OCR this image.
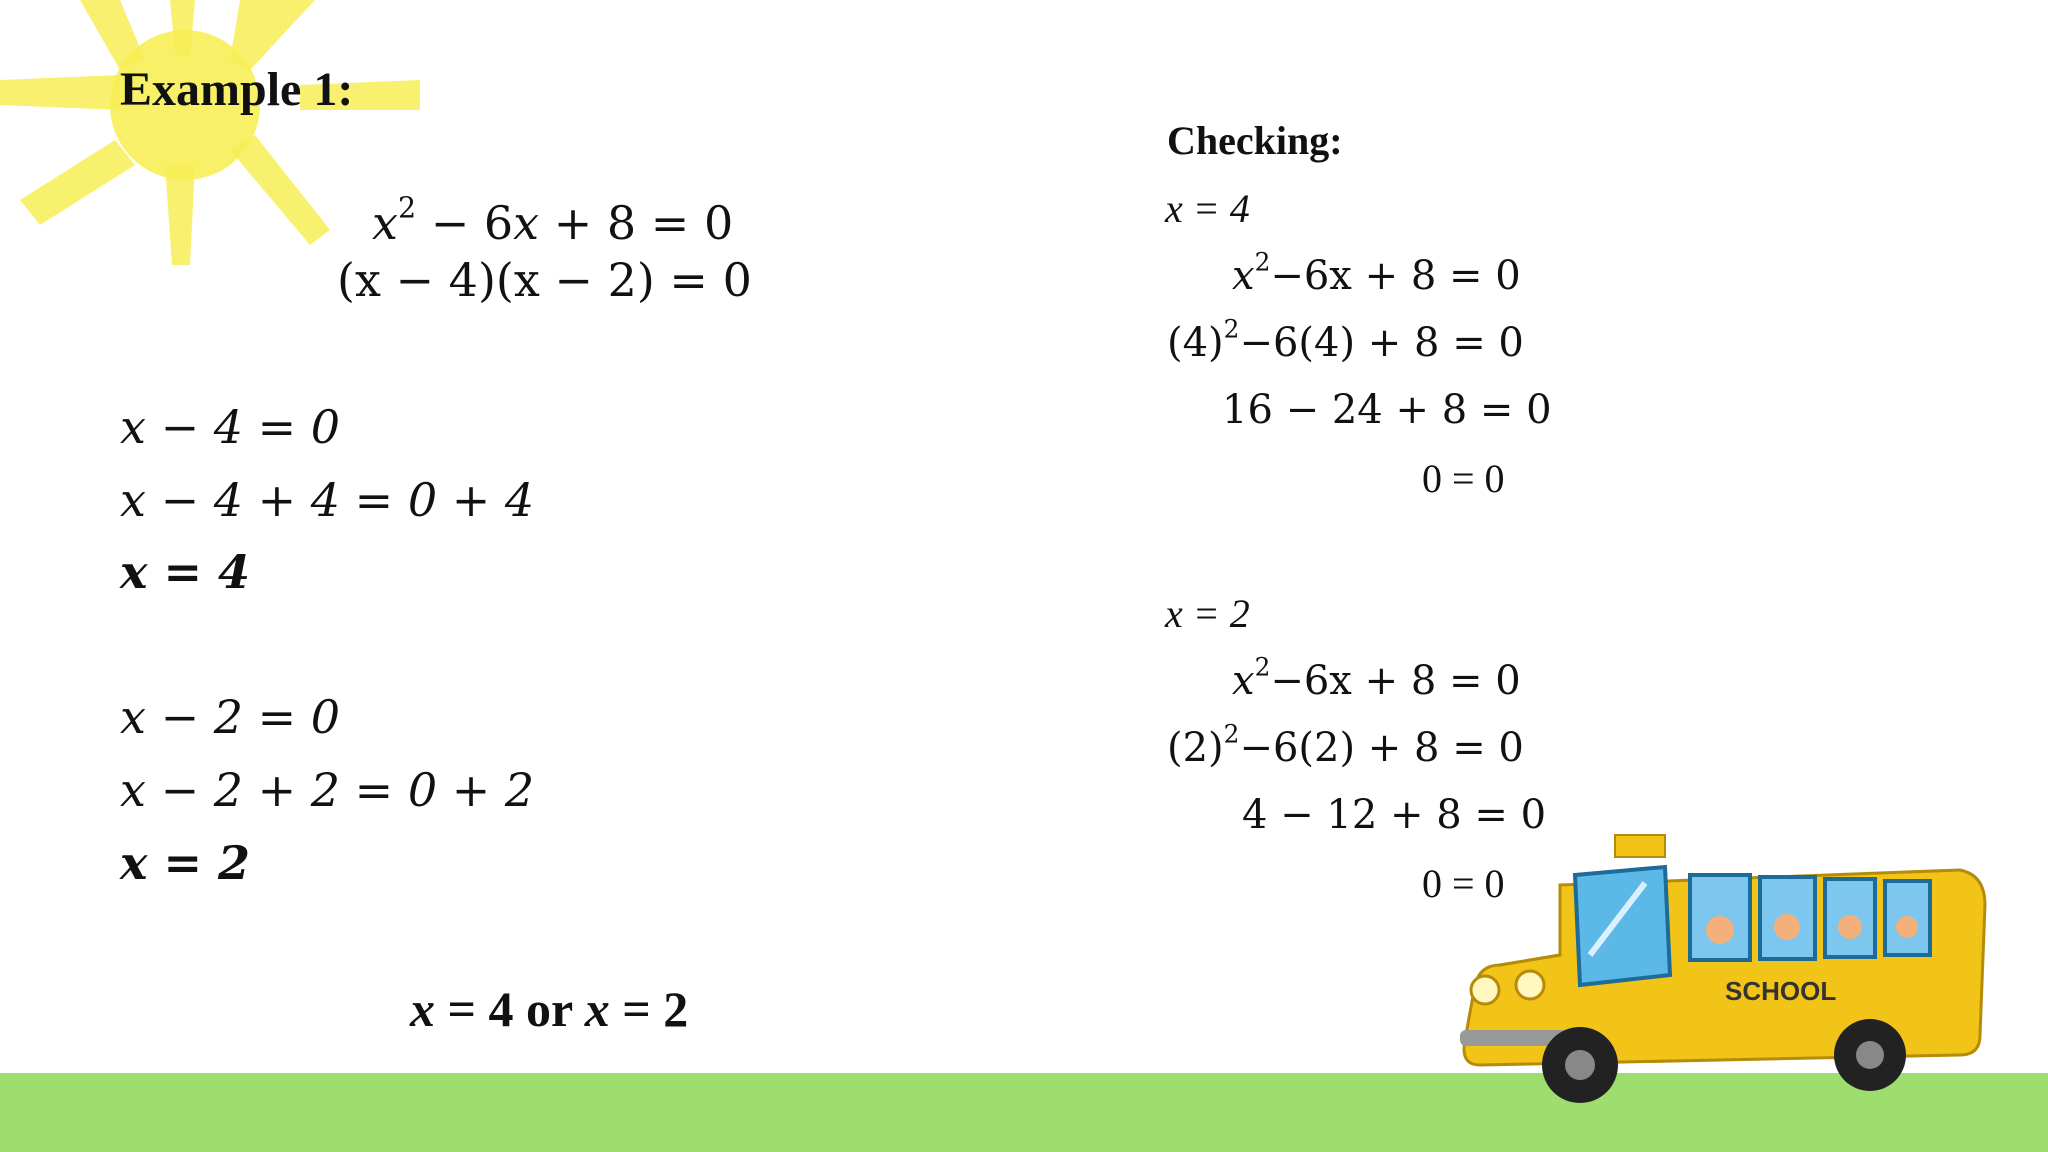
Example 1:
$x^2 - 6x + 8 = 0$
(x − 4)(x − 2) = 0
x − 4 = 0
x − 4 + 4 = 0 + 4
x = 4
x − 2 = 0
x − 2 + 2 = 0 + 2
x = 2
x = 4 or x = 2
Checking:
x = 4
$x^2-6x + 8 = 0$
$(4)^2-6(4) + 8 = 0$
16 − 24 + 8 = 0
0 = 0
x = 2
$x^2-6x + 8 = 0$
$(2)^2-6(2) + 8 = 0$
4 − 12 + 8 = 0
SCHOOL
0 = 0
